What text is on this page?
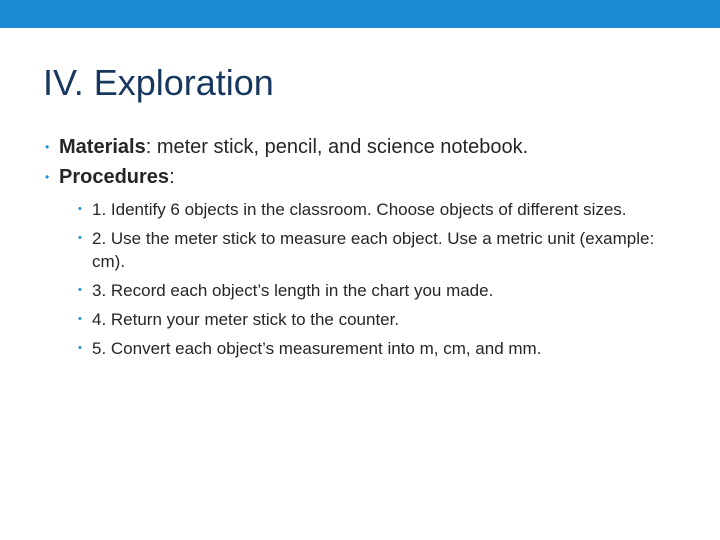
IV. Exploration
• Materials: meter stick, pencil, and science notebook.
• Procedures:
• 1. Identify 6 objects in the classroom. Choose objects of different sizes.
• 2. Use the meter stick to measure each object. Use a metric unit (example: cm).
• 3. Record each object’s length in the chart you made.
• 4. Return your meter stick to the counter.
• 5. Convert each object’s measurement into m, cm, and mm.
